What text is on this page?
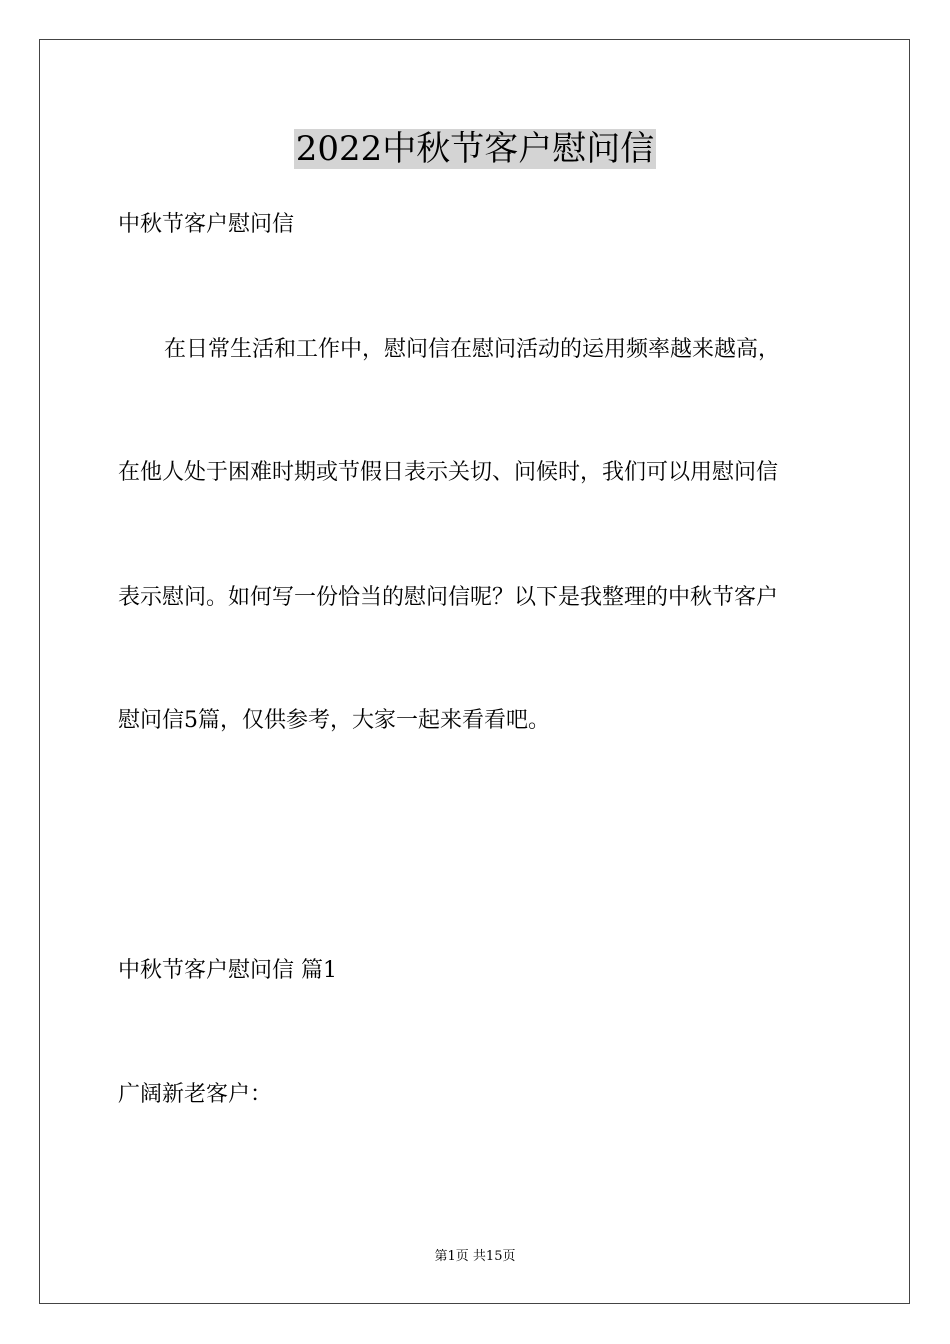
2022中秋节客户慰问信

中秋节客户慰问信

在日常生活和工作中，慰问信在慰问活动的运用频率越来越高，

在他人处于困难时期或节假日表示关切、问候时，我们可以用慰问信

表示慰问。如何写一份恰当的慰问信呢？以下是我整理的中秋节客户

慰问信5篇，仅供参考，大家一起来看看吧。

中秋节客户慰问信 篇1

广阔新老客户：

第1页 共15页
